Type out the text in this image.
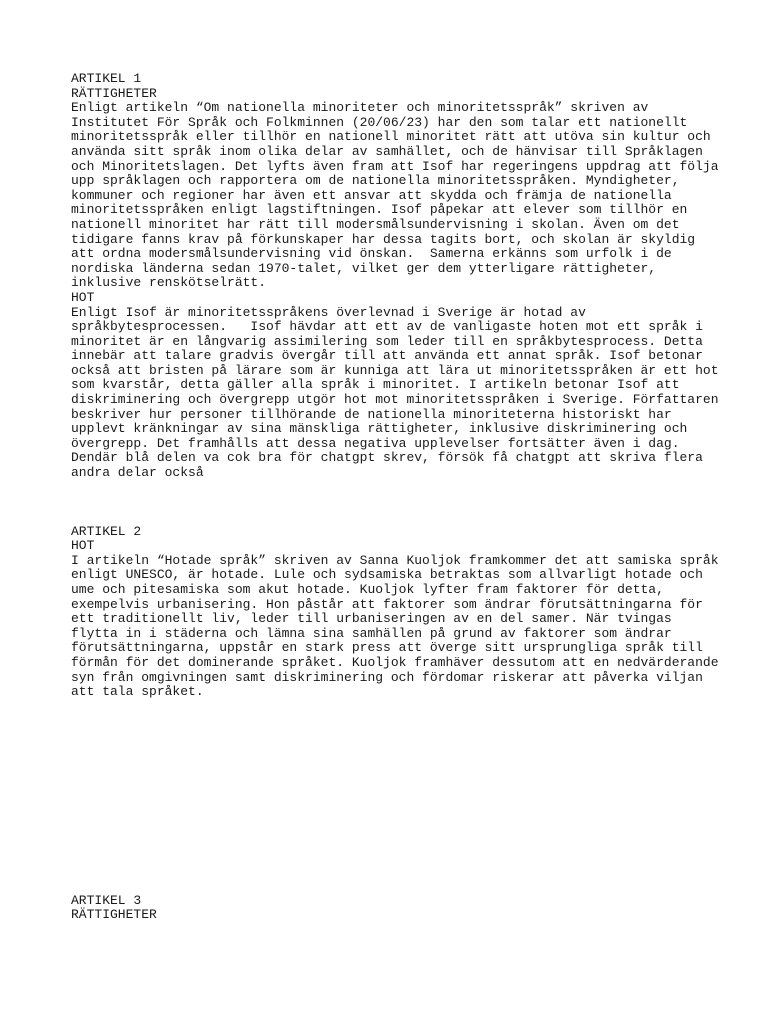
ARTIKEL 1
RÄTTIGHETER
Enligt artikeln “Om nationella minoriteter och minoritetsspråk” skriven av
Institutet För Språk och Folkminnen (20/06/23) har den som talar ett nationellt
minoritetsspråk eller tillhör en nationell minoritet rätt att utöva sin kultur och
använda sitt språk inom olika delar av samhället, och de hänvisar till Språklagen
och Minoritetslagen. Det lyfts även fram att Isof har regeringens uppdrag att följa
upp språklagen och rapportera om de nationella minoritetsspråken. Myndigheter,
kommuner och regioner har även ett ansvar att skydda och främja de nationella
minoritetsspråken enligt lagstiftningen. Isof påpekar att elever som tillhör en
nationell minoritet har rätt till modersmålsundervisning i skolan. Även om det
tidigare fanns krav på förkunskaper har dessa tagits bort, och skolan är skyldig
att ordna modersmålsundervisning vid önskan.  Samerna erkänns som urfolk i de
nordiska länderna sedan 1970-talet, vilket ger dem ytterligare rättigheter,
inklusive renskötselrätt.
HOT
Enligt Isof är minoritetsspråkens överlevnad i Sverige är hotad av
språkbytesprocessen.   Isof hävdar att ett av de vanligaste hoten mot ett språk i
minoritet är en långvarig assimilering som leder till en språkbytesprocess. Detta
innebär att talare gradvis övergår till att använda ett annat språk. Isof betonar
också att bristen på lärare som är kunniga att lära ut minoritetsspråken är ett hot
som kvarstår, detta gäller alla språk i minoritet. I artikeln betonar Isof att
diskriminering och övergrepp utgör hot mot minoritetsspråken i Sverige. Författaren
beskriver hur personer tillhörande de nationella minoriteterna historiskt har
upplevt kränkningar av sina mänskliga rättigheter, inklusive diskriminering och
övergrepp. Det framhålls att dessa negativa upplevelser fortsätter även i dag.
Dendär blå delen va cok bra för chatgpt skrev, försök få chatgpt att skriva flera
andra delar också
ARTIKEL 2
HOT
I artikeln “Hotade språk” skriven av Sanna Kuoljok framkommer det att samiska språk
enligt UNESCO, är hotade. Lule och sydsamiska betraktas som allvarligt hotade och
ume och pitesamiska som akut hotade. Kuoljok lyfter fram faktorer för detta,
exempelvis urbanisering. Hon påstår att faktorer som ändrar förutsättningarna för
ett traditionellt liv, leder till urbaniseringen av en del samer. När tvingas
flytta in i städerna och lämna sina samhällen på grund av faktorer som ändrar
förutsättningarna, uppstår en stark press att överge sitt ursprungliga språk till
förmån för det dominerande språket. Kuoljok framhäver dessutom att en nedvärderande
syn från omgivningen samt diskriminering och fördomar riskerar att påverka viljan
att tala språket.
ARTIKEL 3
RÄTTIGHETER
